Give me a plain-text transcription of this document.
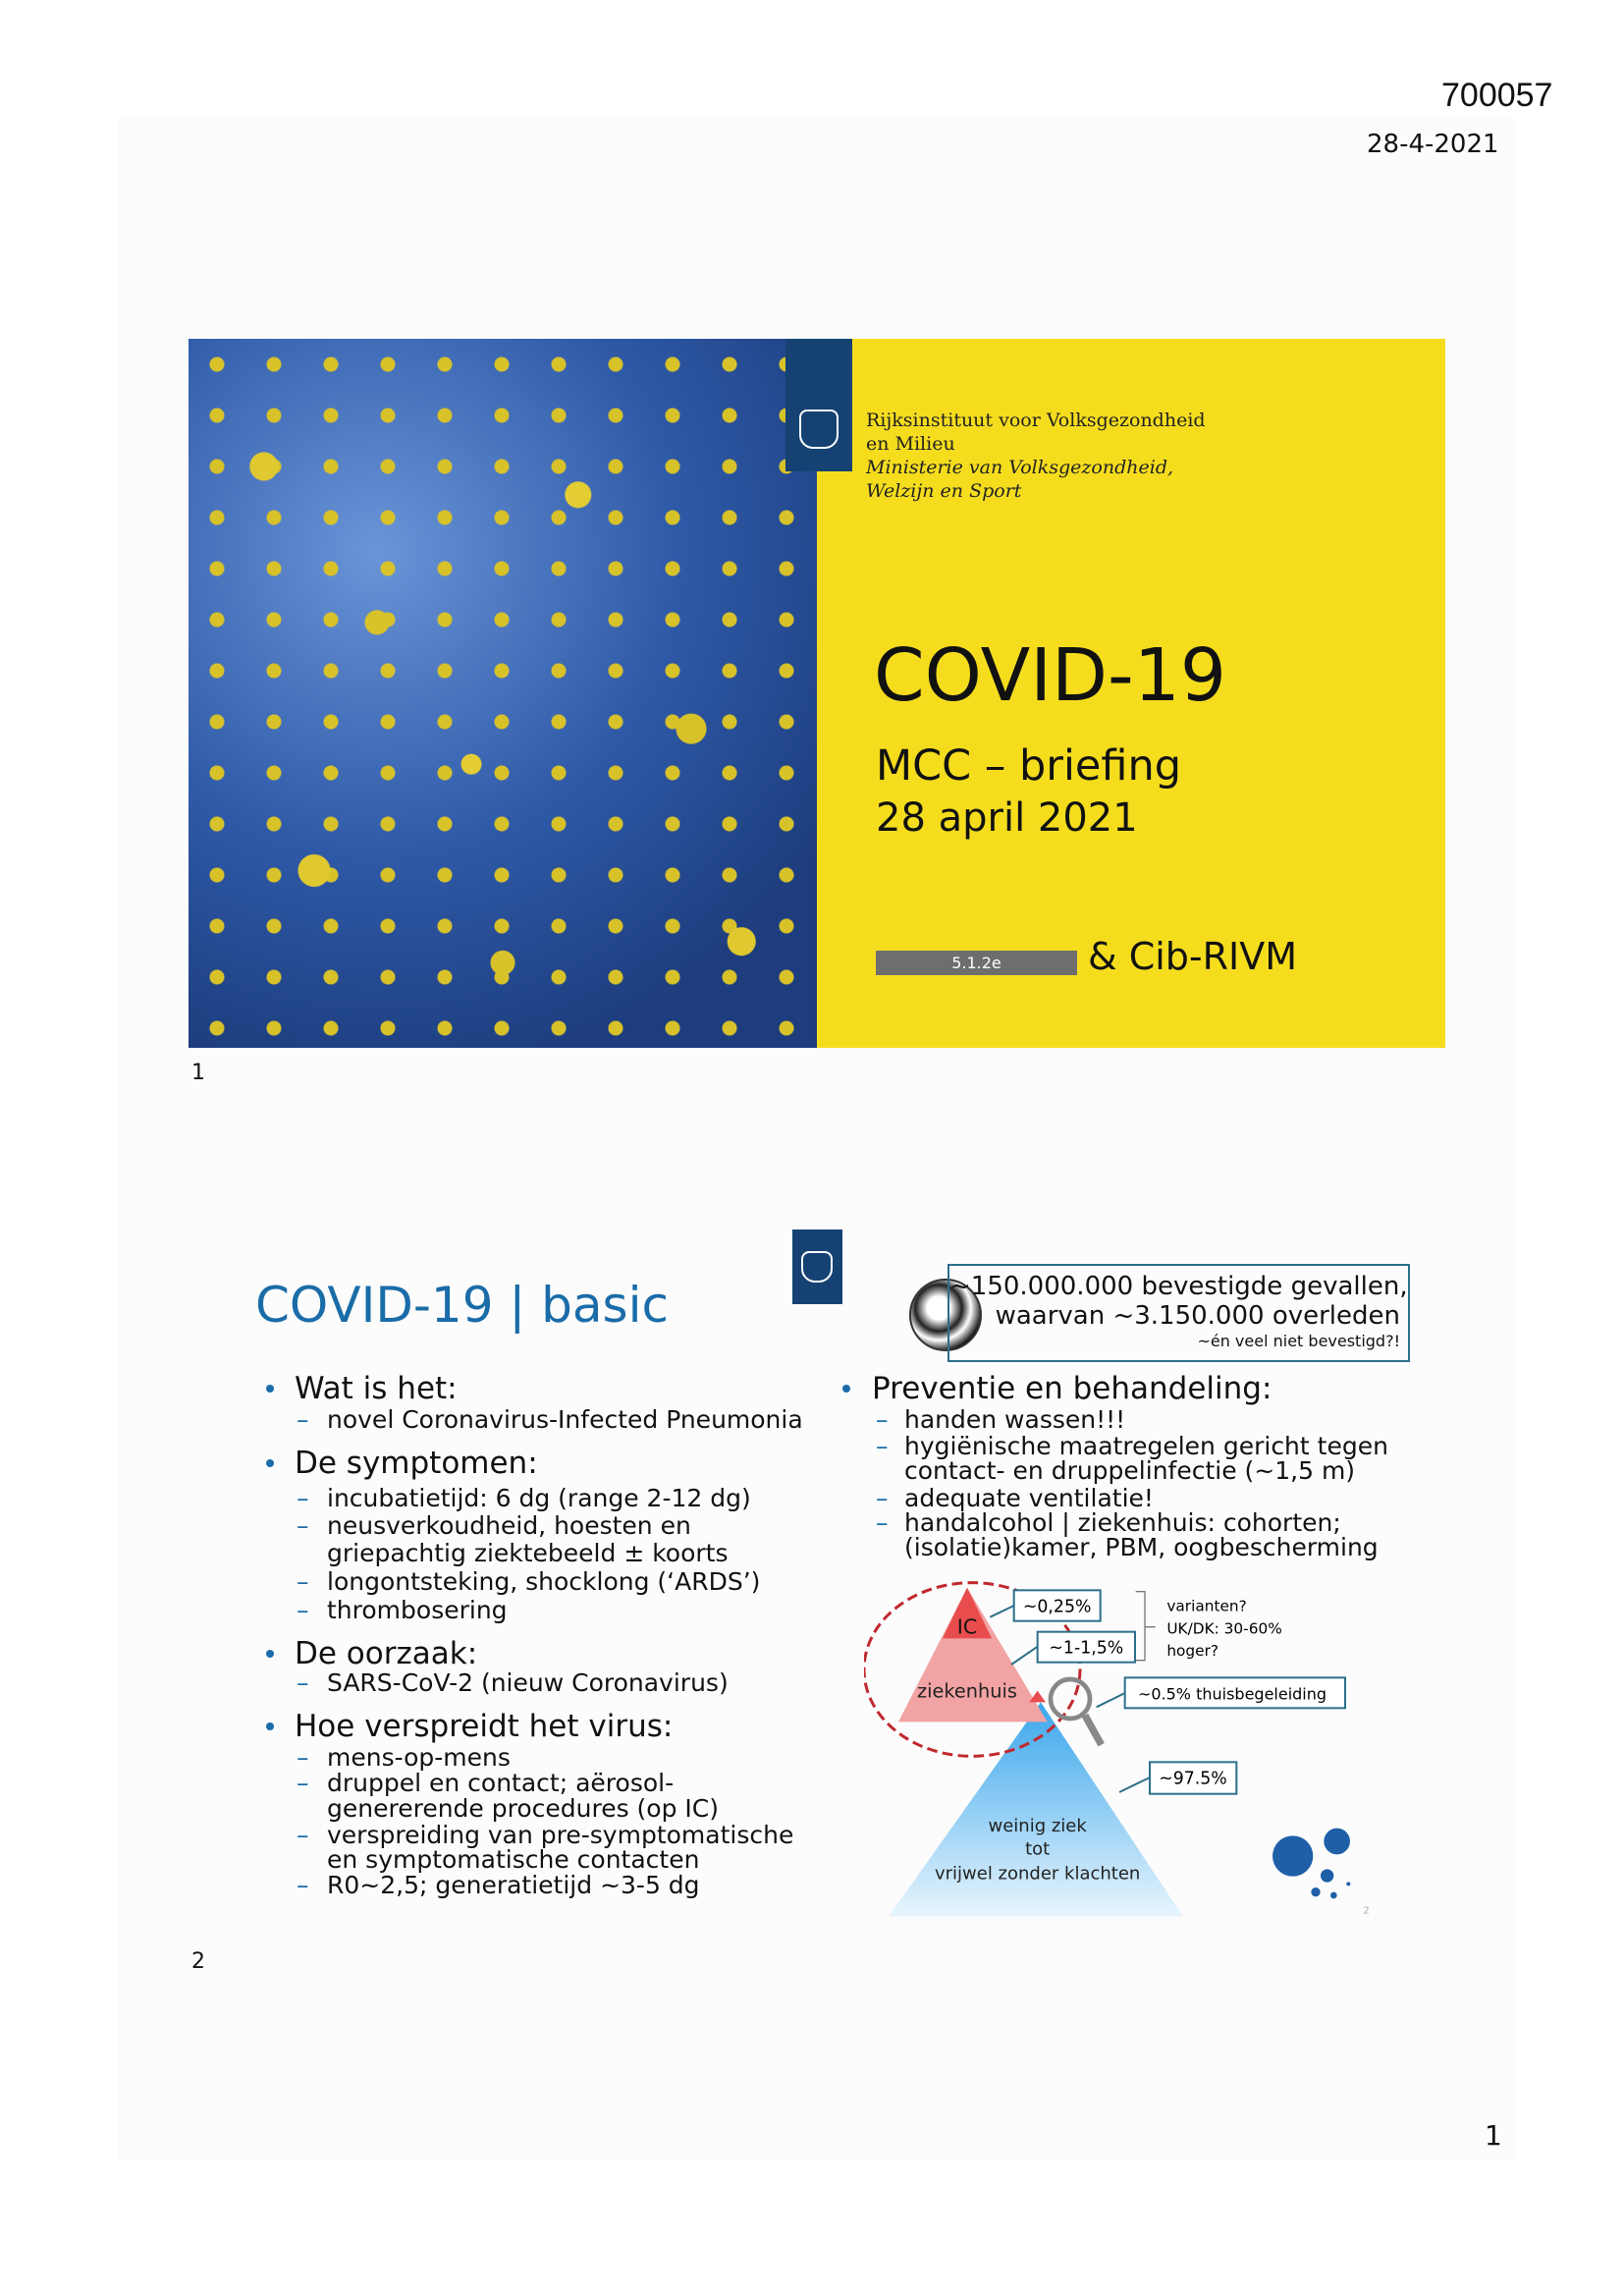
700057
28-4-2021
Rijksinstituut voor Volksgezondheid
en Milieu
Ministerie van Volksgezondheid,
Welzijn en Sport
COVID-19
MCC – briefing
28 april 2021
5.1.2e	& Cib-RIVM
1
COVID-19 | basic	~150.000.000 bevestigde gevallen,
waarvan ~3.150.000 overleden
~én veel niet bevestigd?!
IC
ziekenhuis
weinig ziek
tot
vrijwel zonder klachten
~0,25%
~1-1,5%
~0.5% thuisbegeleiding
~97.5%
varianten?
UK/DK: 30-60%
hoger?
2
2
1
Wat is het:
– novel Coronavirus-Infected Pneumonia
De symptomen:
– incubatietijd: 6 dg (range 2-12 dg)
– neusverkoudheid, hoesten en
griepachtig ziektebeeld ± koorts
– longontsteking, shocklong (‘ARDS’)
– thrombosering
De oorzaak:
– SARS-CoV-2 (nieuw Coronavirus)
Hoe verspreidt het virus:
– mens-op-mens
– druppel en contact; aërosol-
genererende procedures (op IC)
– verspreiding van pre-symptomatische
en symptomatische contacten
– R0~2,5; generatietijd ~3-5 dg
Preventie en behandeling:
– handen wassen!!!
– hygiënische maatregelen gericht tegen
contact- en druppelinfectie (~1,5 m)
– adequate ventilatie!
– handalcohol | ziekenhuis: cohorten;
(isolatie)kamer, PBM, oogbescherming
